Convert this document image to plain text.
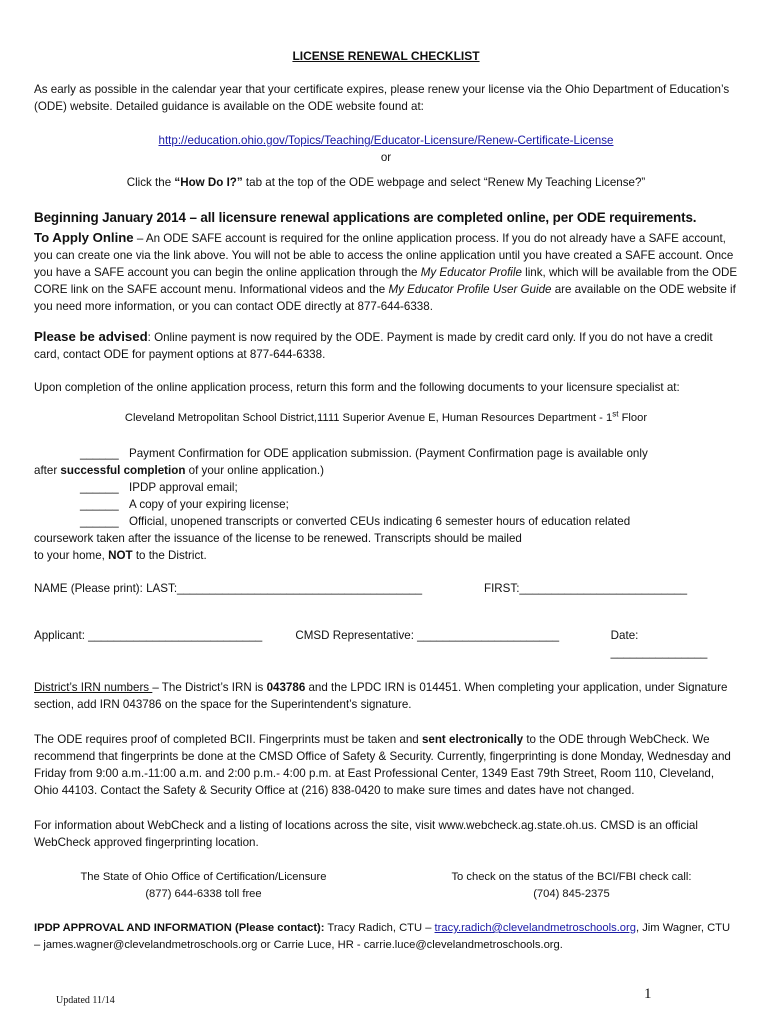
LICENSE RENEWAL CHECKLIST

As early as possible in the calendar year that your certificate expires, please renew your license via the Ohio Department of Education’s (ODE) website. Detailed guidance is available on the ODE website found at:

http://education.ohio.gov/Topics/Teaching/Educator-Licensure/Renew-Certificate-License

or

Click the “How Do I?” tab at the top of the ODE webpage and select “Renew My Teaching License?”

Beginning January 2014 – all licensure renewal applications are completed online, per ODE requirements.

To Apply Online – An ODE SAFE account is required for the online application process. If you do not already have a SAFE account, you can create one via the link above. You will not be able to access the online application until you have created a SAFE account. Once you have a SAFE account you can begin the online application through the My Educator Profile link, which will be available from the ODE CORE link on the SAFE account menu. Informational videos and the My Educator Profile User Guide are available on the ODE website if you need more information, or you can contact ODE directly at 877-644-6338.

Please be advised: Online payment is now required by the ODE. Payment is made by credit card only. If you do not have a credit card, contact ODE for payment options at 877-644-6338.

Upon completion of the online application process, return this form and the following documents to your licensure specialist at:

Cleveland Metropolitan School District,1111 Superior Avenue E, Human Resources Department - 1st Floor

______ Payment Confirmation for ODE application submission. (Payment Confirmation page is available only
after successful completion of your online application.)
______ IPDP approval email;
______ A copy of your expiring license;
______ Official, unopened transcripts or converted CEUs indicating 6 semester hours of education related
coursework taken after the issuance of the license to be renewed. Transcripts should be mailed
to your home, NOT to the District.
NAME (Please print): LAST:______________________________________	FIRST:__________________________
Applicant: ___________________________	CMSD Representative: ______________________	Date: _______________

District’s IRN numbers – The District’s IRN is 043786 and the LPDC IRN is 014451. When completing your application, under Signature section, add IRN 043786 on the space for the Superintendent’s signature.

The ODE requires proof of completed BCII. Fingerprints must be taken and sent electronically to the ODE through WebCheck. We recommend that fingerprints be done at the CMSD Office of Safety & Security. Currently, fingerprinting is done Monday, Wednesday and Friday from 9:00 a.m.-11:00 a.m. and 2:00 p.m.- 4:00 p.m. at East Professional Center, 1349 East 79th Street, Room 110, Cleveland, Ohio 44103. Contact the Safety & Security Office at (216) 838-0420 to make sure times and dates have not changed.

For information about WebCheck and a listing of locations across the site, visit www.webcheck.ag.state.oh.us. CMSD is an official WebCheck approved fingerprinting location.

The State of Ohio Office of Certification/Licensure
(877) 644-6338 toll free
To check on the status of the BCI/FBI check call:
(704) 845-2375

IPDP APPROVAL AND INFORMATION (Please contact): Tracy Radich, CTU – tracy.radich@clevelandmetroschools.org, Jim Wagner, CTU – james.wagner@clevelandmetroschools.org or Carrie Luce, HR - carrie.luce@clevelandmetroschools.org.

Updated 11/14	1
